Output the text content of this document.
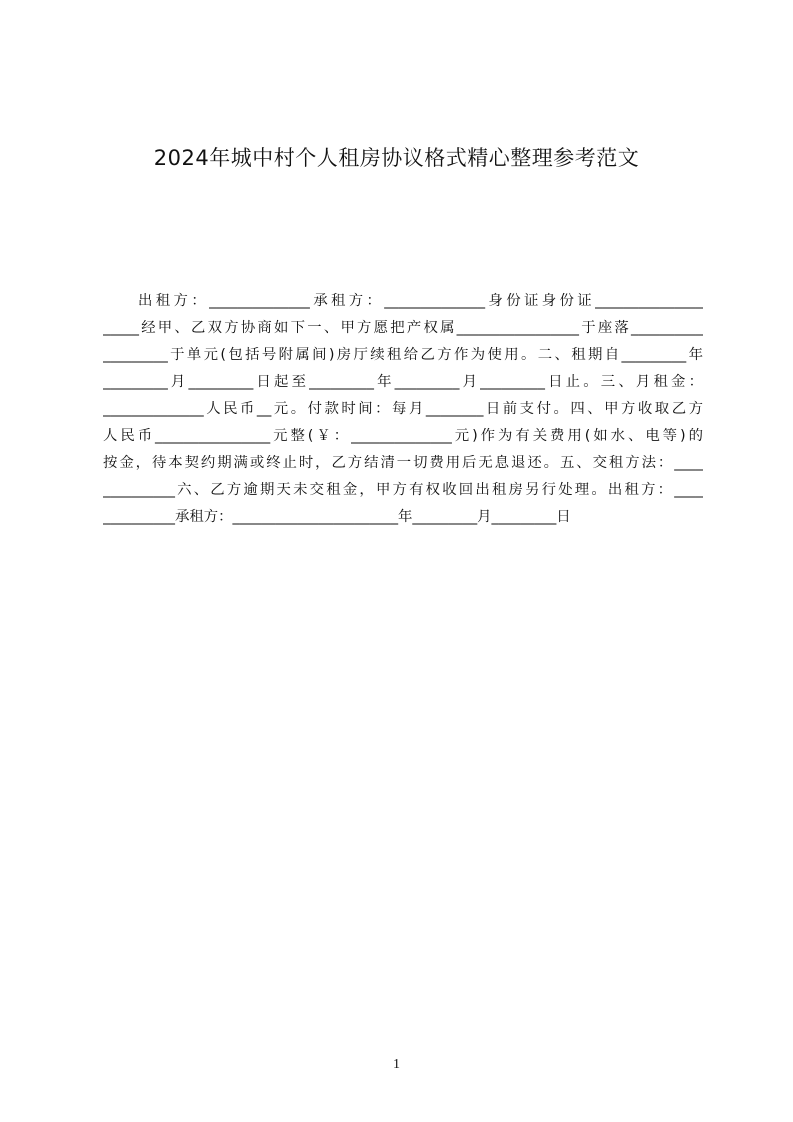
2024年城中村个人租房协议格式精心整理参考范文
出租方：______________承租方：______________身份证身份证_______________
_____经甲、乙双方协商如下一、甲方愿把产权属_________________于座落__________
_________于单元(包括号附属间)房厅续租给乙方作为使用。二、租期自_________年
_________月_________日起至_________年_________月_________日止。三、月租金：
______________人民币__元。付款时间：每月________日前支付。四、甲方收取乙方
人民币________________元整(￥：______________元)作为有关费用(如水、电等)的
按金，待本契约期满或终止时，乙方结清一切费用后无息退还。五、交租方法：____
__________六、乙方逾期天未交租金，甲方有权收回出租房另行处理。出租方：____
__________承租方：_______________________年_________月_________日
1
